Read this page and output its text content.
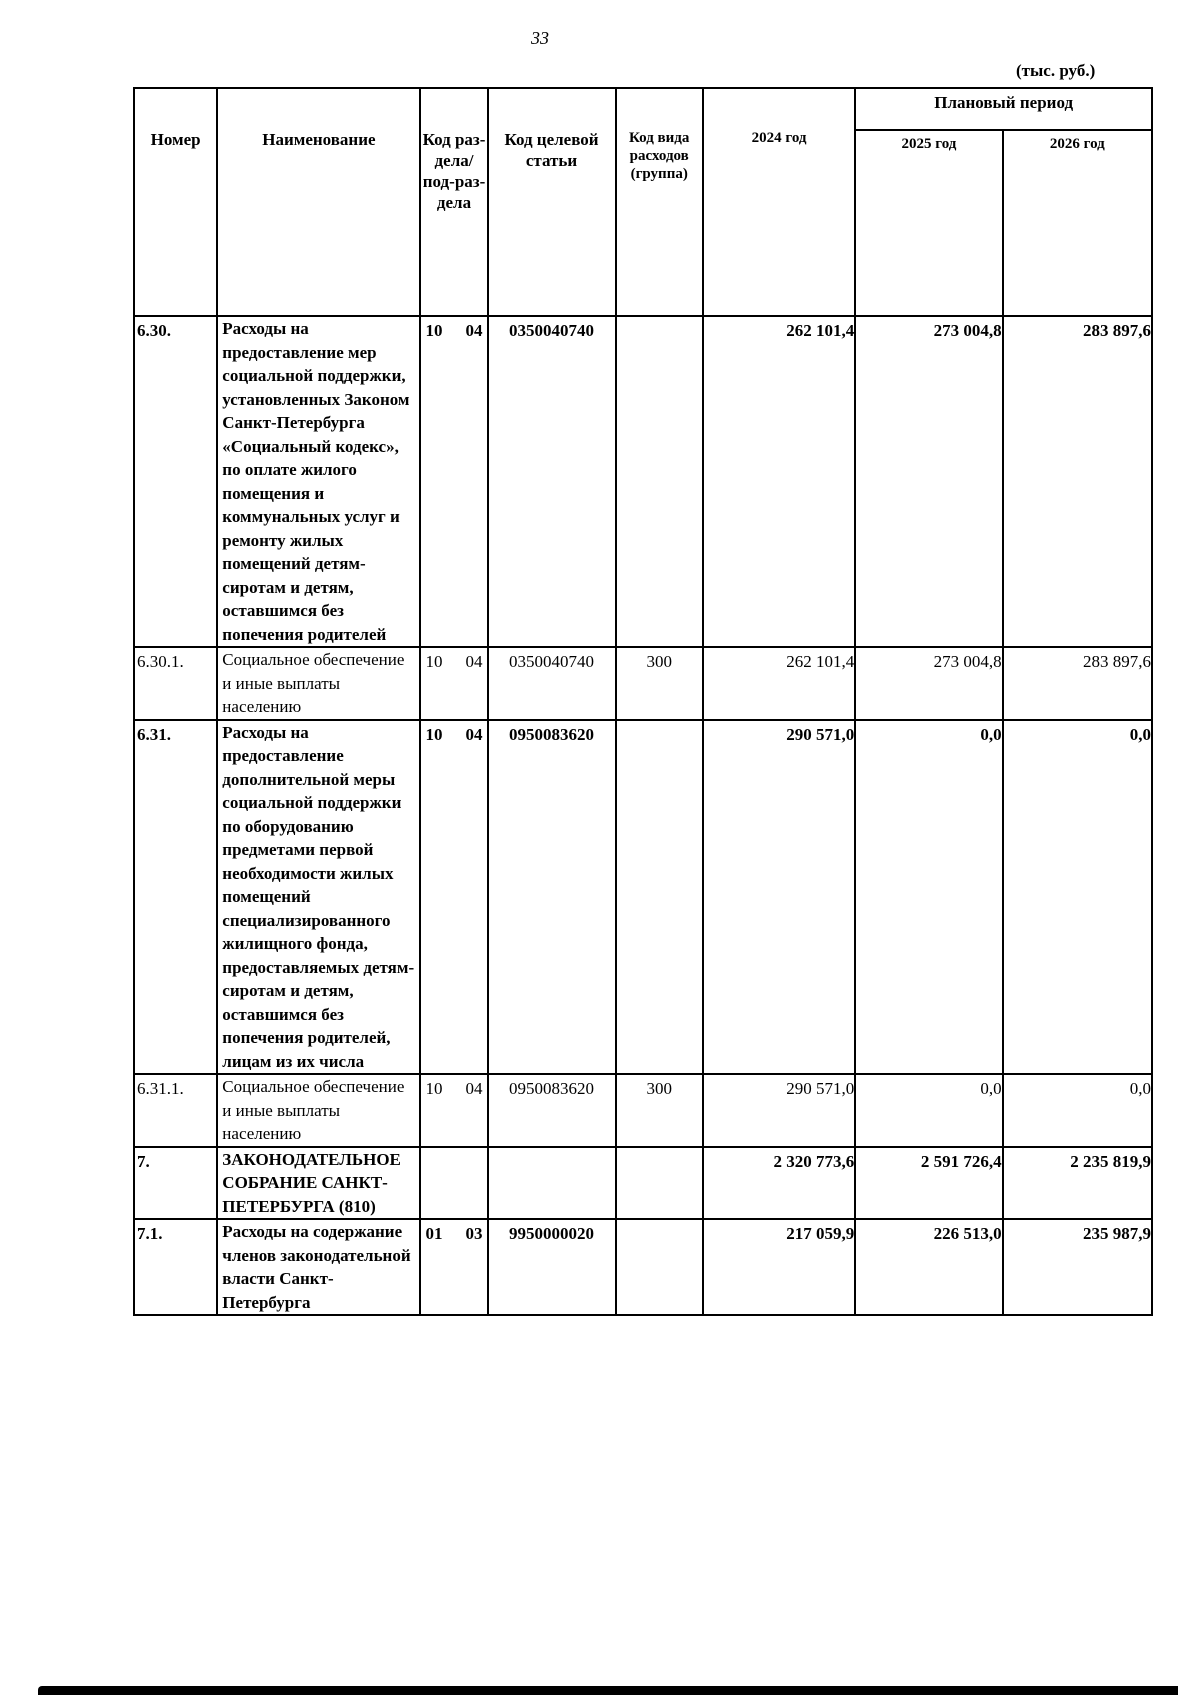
33
(тыс. руб.)
Номер	Наименование	Код раз-дела/ под-раз-дела	Код целевой статьи	Код вида расходов (группа)	2024 год	Плановый период	
						2025 год	2026 год
6.30.	Расходы на предоставление мер социальной поддержки, установленных Законом Санкт-Петербурга «Социальный кодекс», по оплате жилого помещения и коммунальных услуг и ремонту жилых помещений детям-сиротам и детям, оставшимся без попечения родителей	10 04	0350040740		262 101,4	273 004,8	283 897,6
6.30.1.	Социальное обеспечение и иные выплаты населению	10 04	0350040740	300	262 101,4	273 004,8	283 897,6
6.31.	Расходы на предоставление дополнительной меры социальной поддержки по оборудованию предметами первой необходимости жилых помещений специализированного жилищного фонда, предоставляемых детям-сиротам и детям, оставшимся без попечения родителей, лицам из их числа	10 04	0950083620		290 571,0	0,0	0,0
6.31.1.	Социальное обеспечение и иные выплаты населению	10 04	0950083620	300	290 571,0	0,0	0,0
7.	ЗАКОНОДАТЕЛЬНОЕ СОБРАНИЕ САНКТ-ПЕТЕРБУРГА (810)				2 320 773,6	2 591 726,4	2 235 819,9
7.1.	Расходы на содержание членов законодательной власти Санкт-Петербурга	01 03	9950000020		217 059,9	226 513,0	235 987,9
